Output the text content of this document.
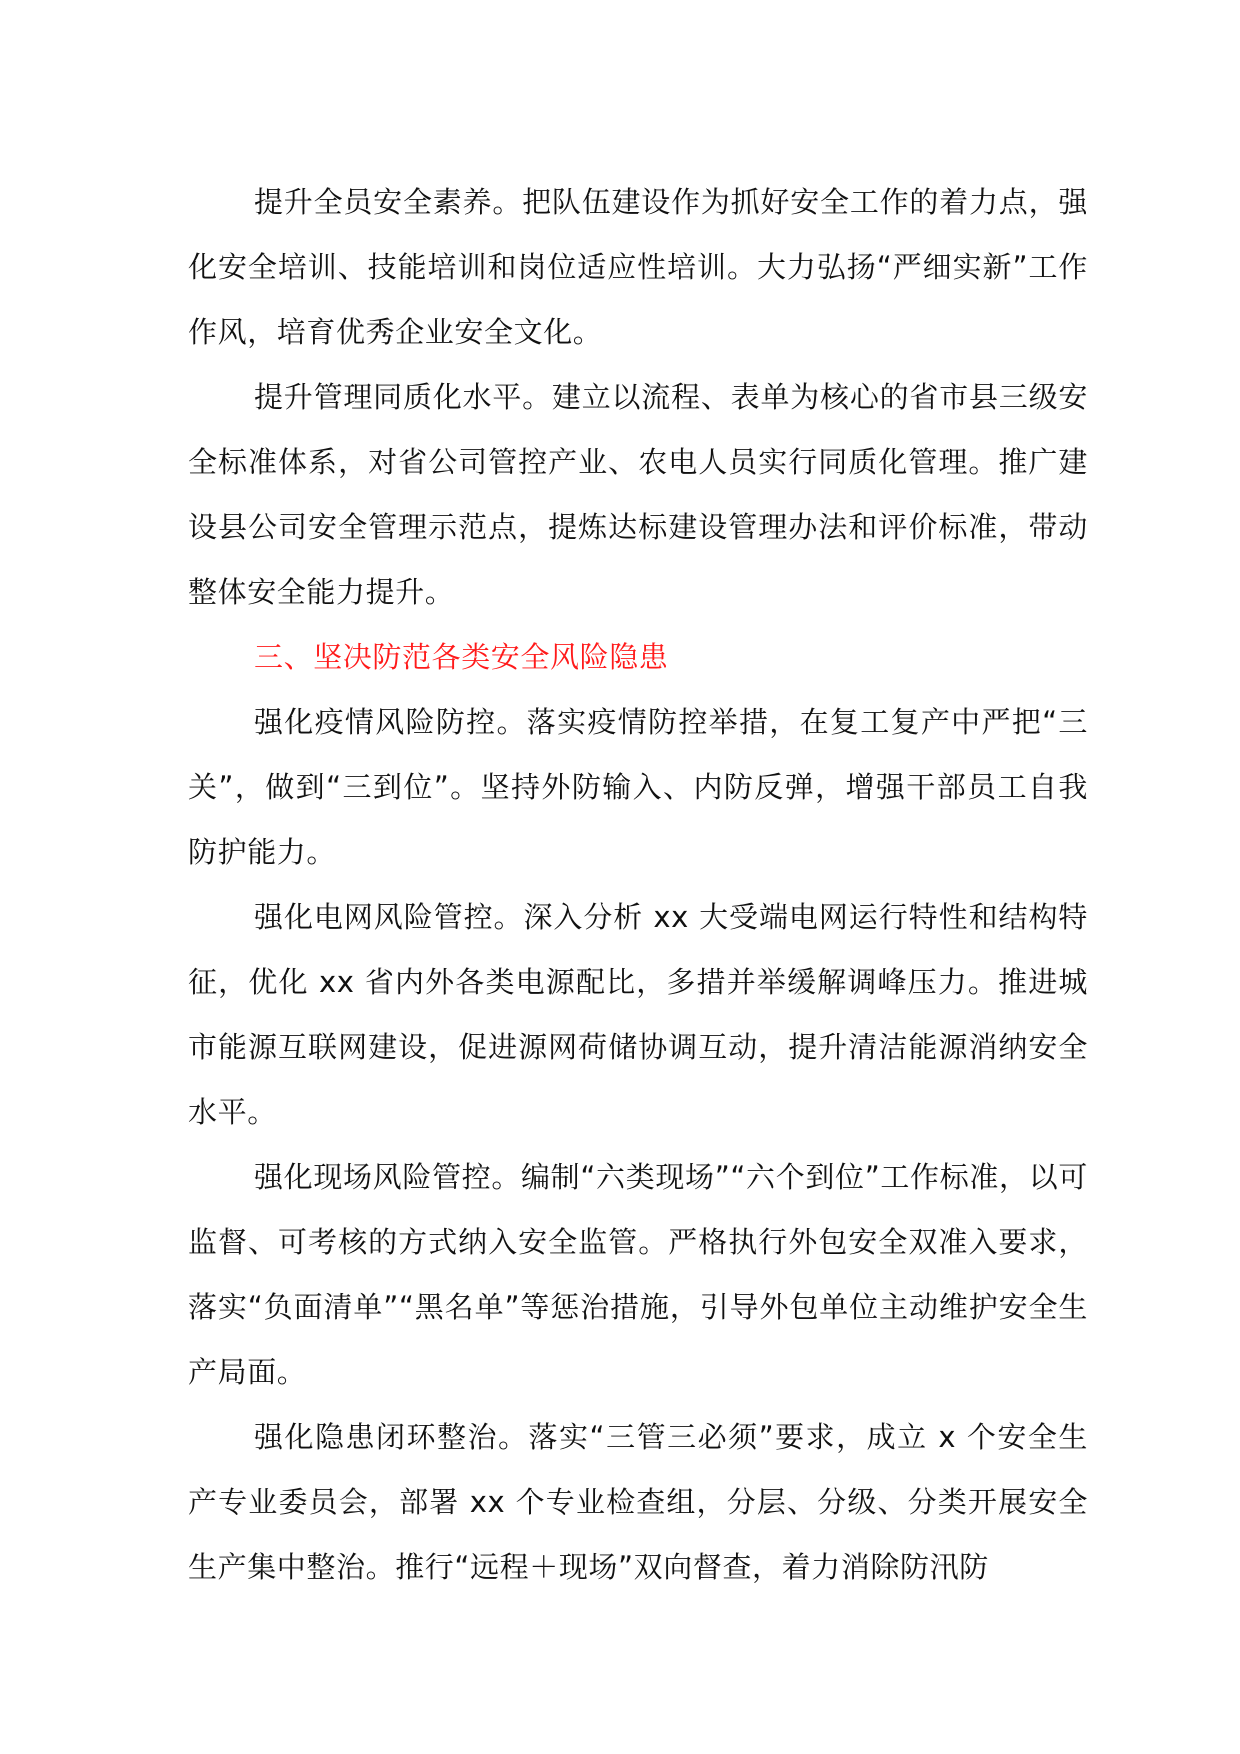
提升全员安全素养。把队伍建设作为抓好安全工作的着力点，强化安全培训、技能培训和岗位适应性培训。大力弘扬“严细实新”工作作风，培育优秀企业安全文化。

提升管理同质化水平。建立以流程、表单为核心的省市县三级安全标准体系，对省公司管控产业、农电人员实行同质化管理。推广建设县公司安全管理示范点，提炼达标建设管理办法和评价标准，带动整体安全能力提升。

三、坚决防范各类安全风险隐患

强化疫情风险防控。落实疫情防控举措，在复工复产中严把“三关”，做到“三到位”。坚持外防输入、内防反弹，增强干部员工自我防护能力。

强化电网风险管控。深入分析 xx 大受端电网运行特性和结构特征，优化 xx 省内外各类电源配比，多措并举缓解调峰压力。推进城市能源互联网建设，促进源网荷储协调互动，提升清洁能源消纳安全水平。

强化现场风险管控。编制“六类现场”“六个到位”工作标准，以可监督、可考核的方式纳入安全监管。严格执行外包安全双准入要求，落实“负面清单”“黑名单”等惩治措施，引导外包单位主动维护安全生产局面。

强化隐患闭环整治。落实“三管三必须”要求，成立 x 个安全生产专业委员会，部署 xx 个专业检查组，分层、分级、分类开展安全生产集中整治。推行“远程＋现场”双向督查，着力消除防汛防
